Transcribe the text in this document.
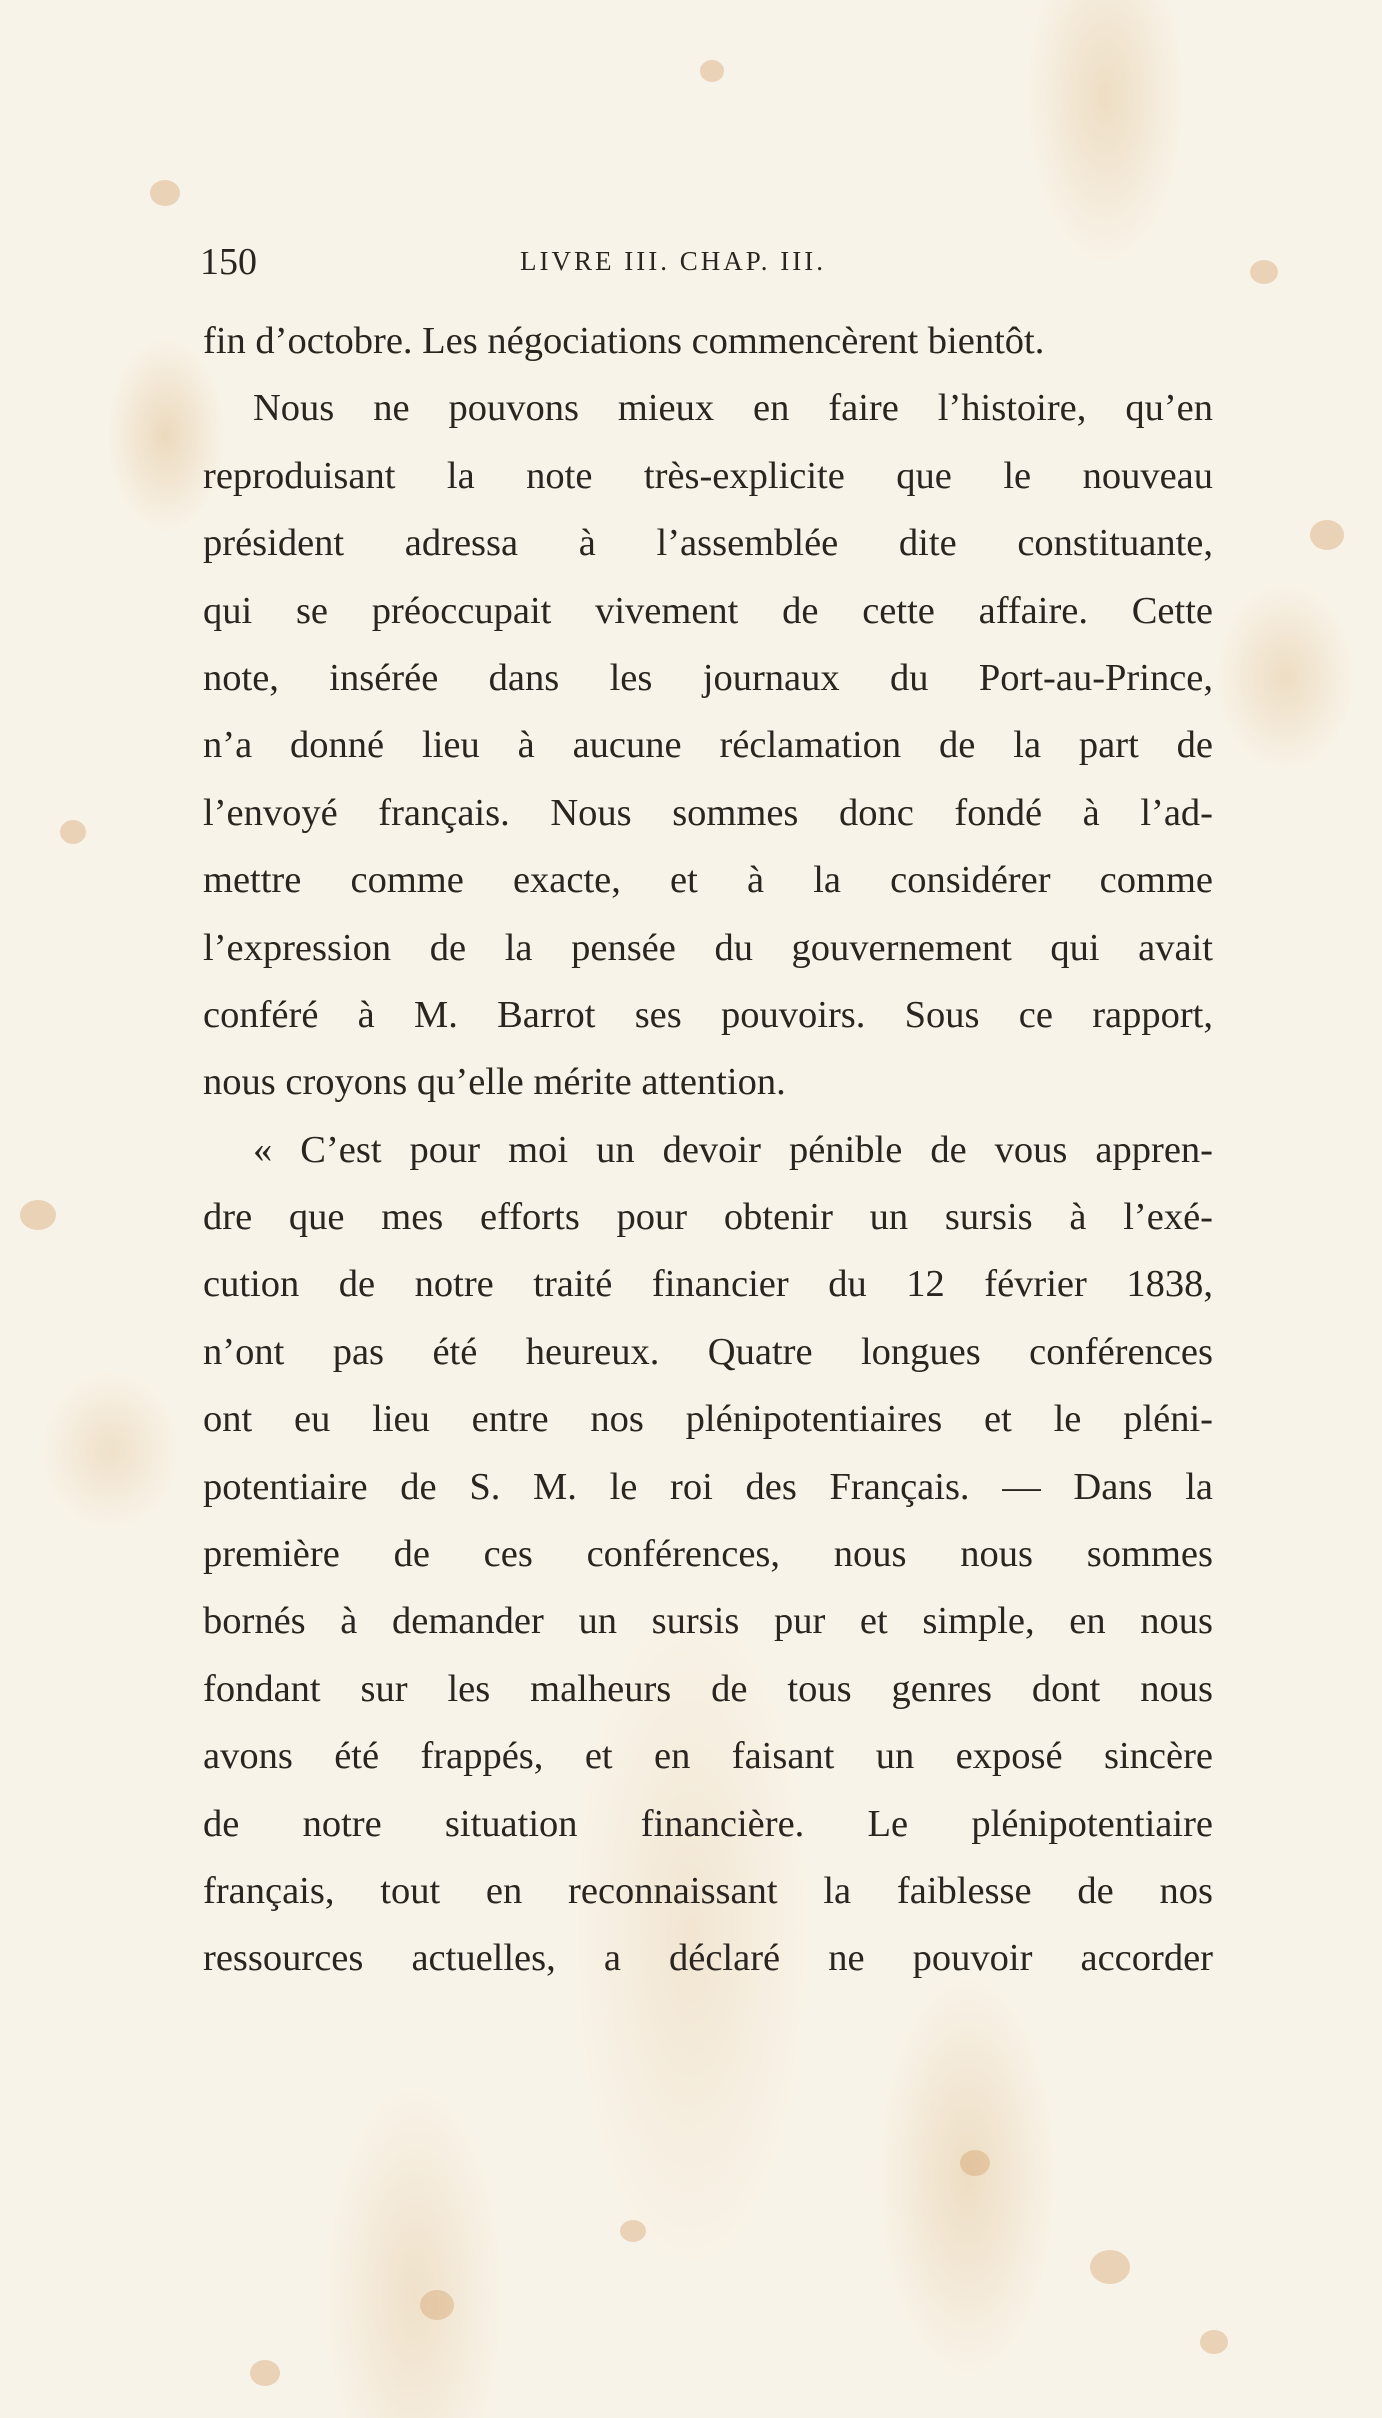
150	LIVRE III. CHAP. III.
fin d’octobre. Les négociations commencèrent bientôt.
Nous ne pouvons mieux en faire l’histoire, qu’en
reproduisant la note très-explicite que le nouveau
président adressa à l’assemblée dite constituante,
qui se préoccupait vivement de cette affaire. Cette
note, insérée dans les journaux du Port-au-Prince,
n’a donné lieu à aucune réclamation de la part de
l’envoyé français. Nous sommes donc fondé à l’ad-
mettre comme exacte, et à la considérer comme
l’expression de la pensée du gouvernement qui avait
conféré à M. Barrot ses pouvoirs. Sous ce rapport,
nous croyons qu’elle mérite attention.
« C’est pour moi un devoir pénible de vous appren-
dre que mes efforts pour obtenir un sursis à l’exé-
cution de notre traité financier du 12 février 1838,
n’ont pas été heureux. Quatre longues conférences
ont eu lieu entre nos plénipotentiaires et le pléni-
potentiaire de S. M. le roi des Français. — Dans la
première de ces conférences, nous nous sommes
bornés à demander un sursis pur et simple, en nous
fondant sur les malheurs de tous genres dont nous
avons été frappés, et en faisant un exposé sincère
de notre situation financière. Le plénipotentiaire
français, tout en reconnaissant la faiblesse de nos
ressources actuelles, a déclaré ne pouvoir accorder
